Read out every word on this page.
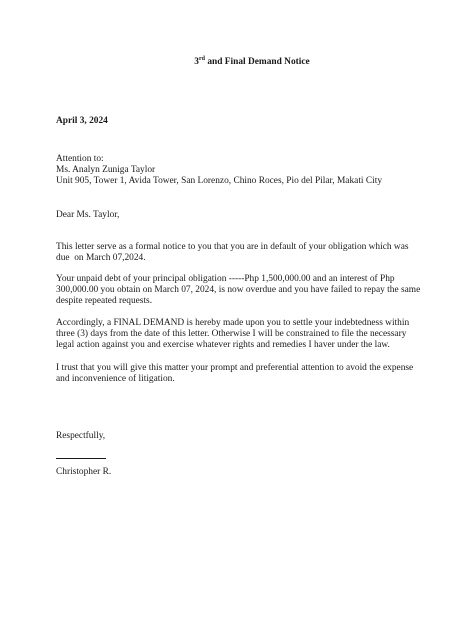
3rd and Final Demand Notice
April 3, 2024
Attention to:
Ms. Analyn Zuniga Taylor
Unit 905, Tower 1, Avida Tower, San Lorenzo, Chino Roces, Pio del Pilar, Makati City
Dear Ms. Taylor,
This letter serve as a formal notice to you that you are in default of your obligation which was
due  on March 07,2024.
Your unpaid debt of your principal obligation -----Php 1,500,000.00 and an interest of Php
300,000.00 you obtain on March 07, 2024, is now overdue and you have failed to repay the same
despite repeated requests.
Accordingly, a FINAL DEMAND is hereby made upon you to settle your indebtedness within
three (3) days from the date of this letter. Otherwise I will be constrained to file the necessary
legal action against you and exercise whatever rights and remedies I haver under the law.
I trust that you will give this matter your prompt and preferential attention to avoid the expense
and inconvenience of litigation.
Respectfully,
Christopher R.
